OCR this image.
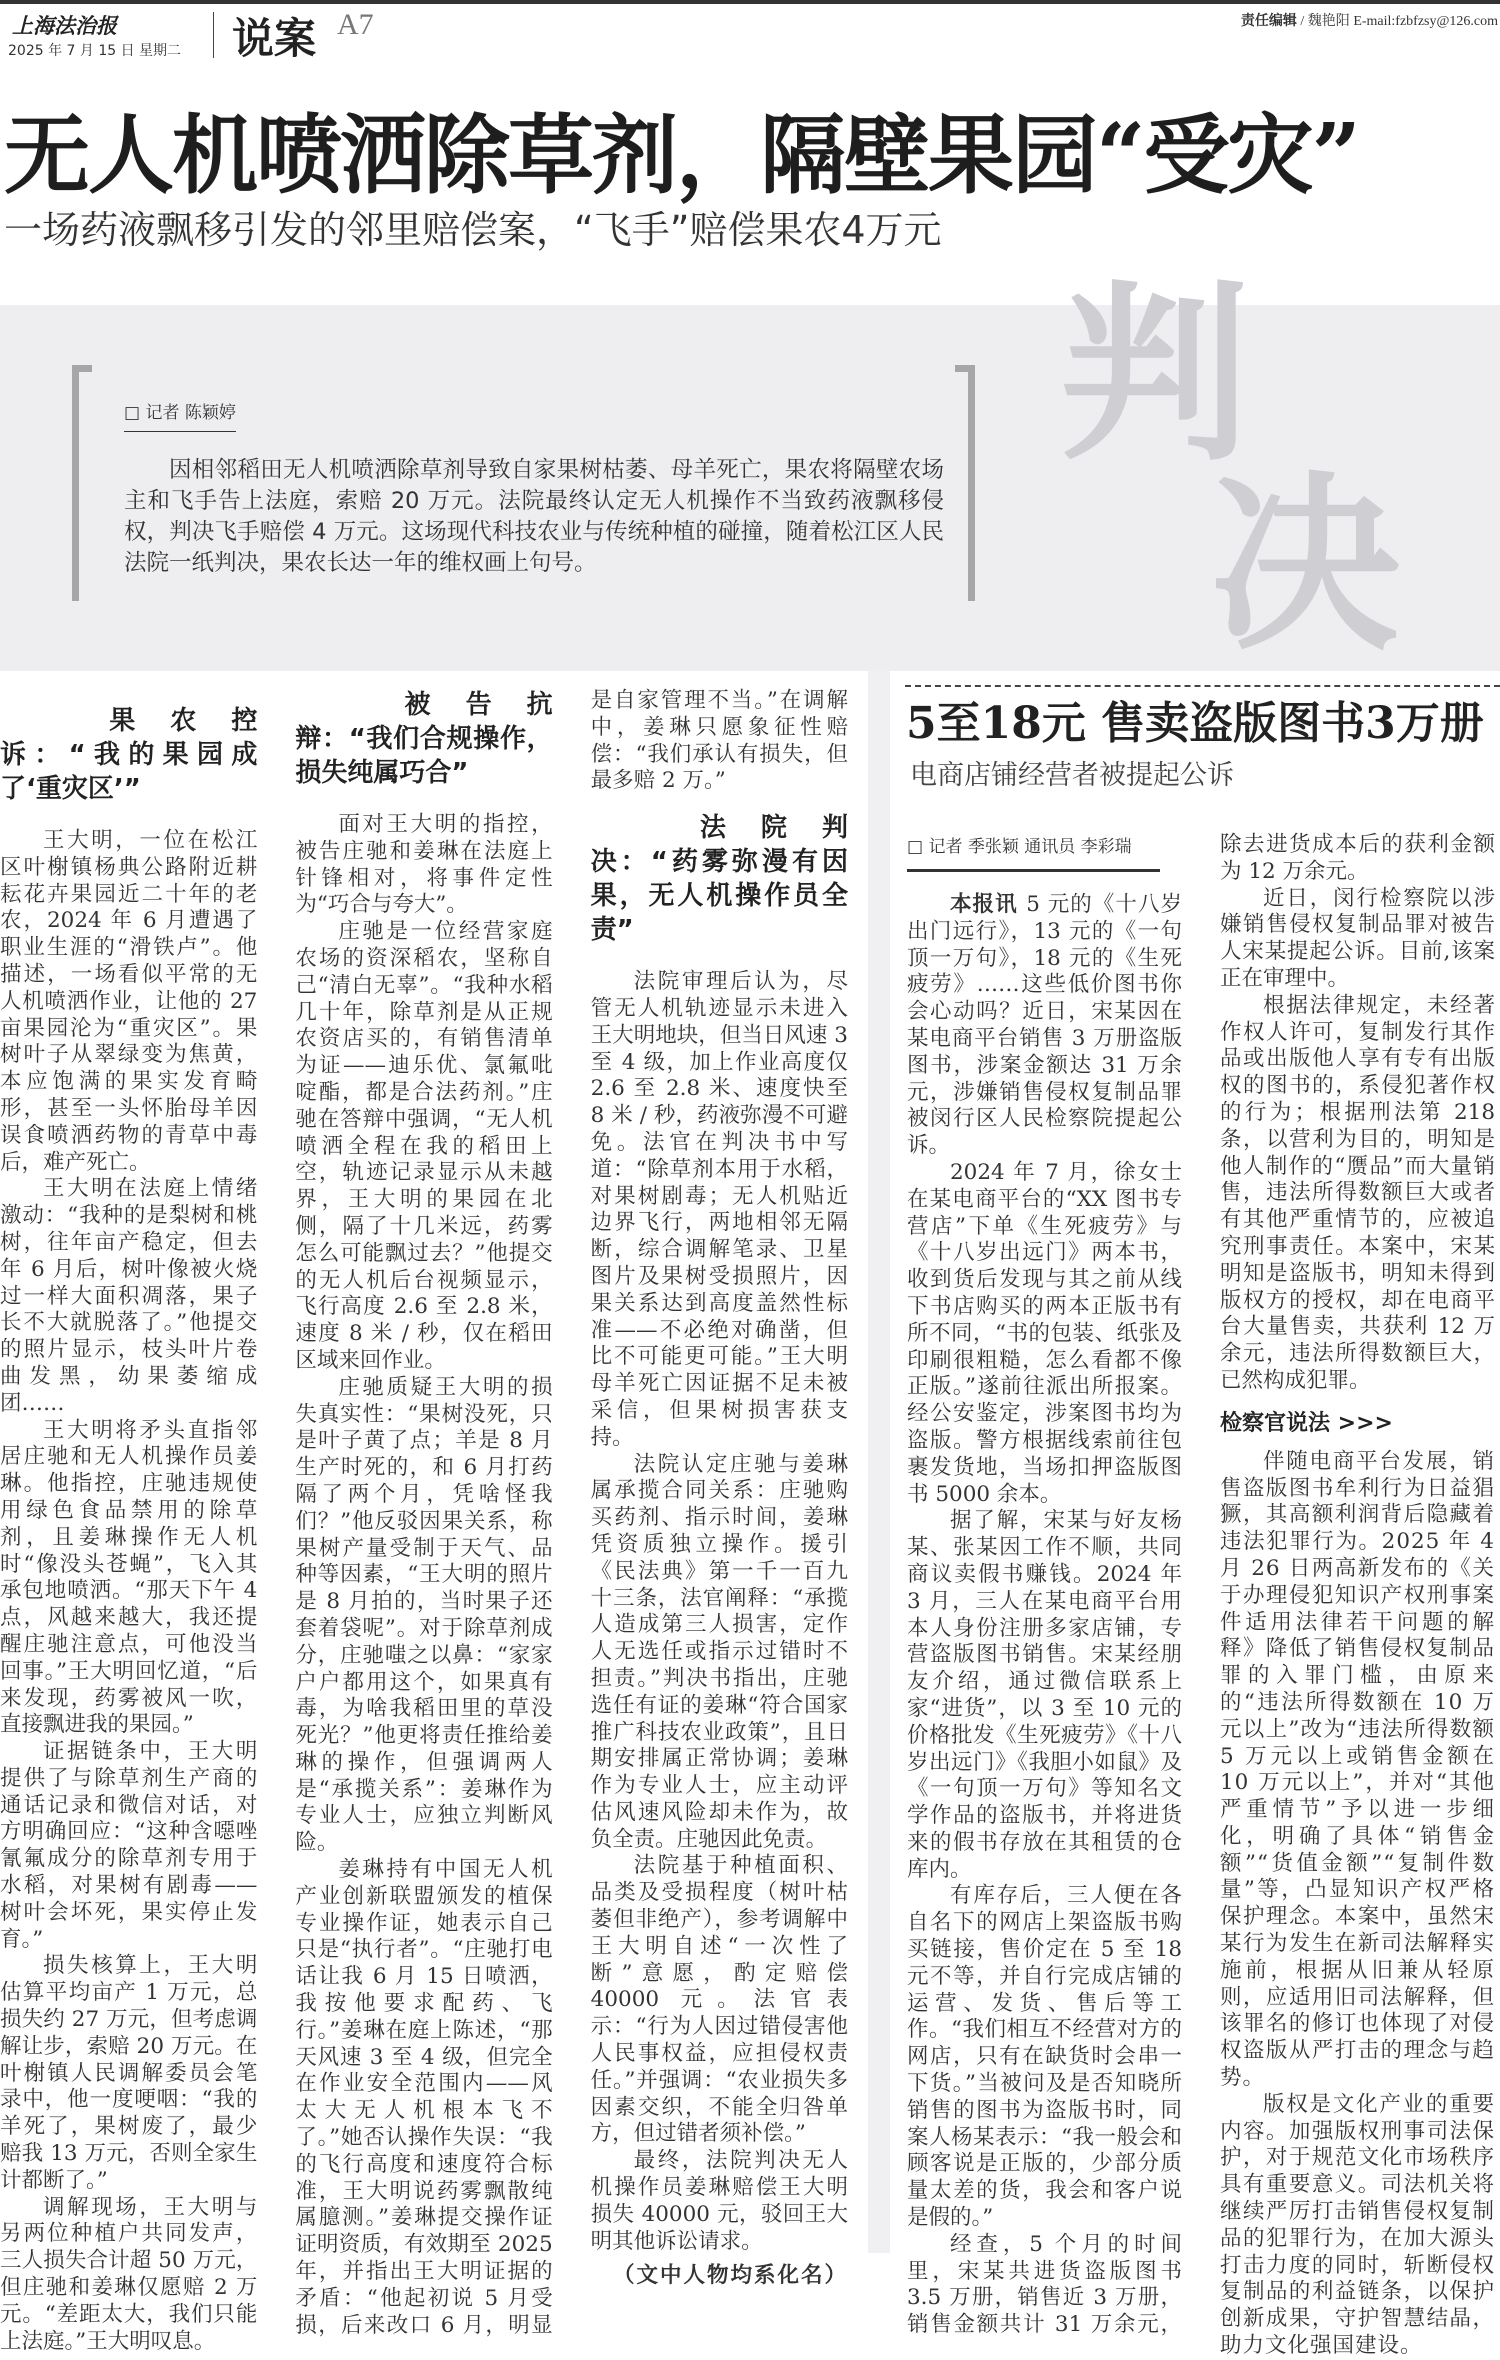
上海法治报
2025 年 7 月 15 日 星期二 说案 A7	责任编辑 / 魏艳阳 E-mail:fzbfzsy@126.com
无人机喷洒除草剂，隔壁果园“受灾”
一场药液飘移引发的邻里赔偿案，“飞手”赔偿果农4万元
判
决
□ 记者 陈颖婷

因相邻稻田无人机喷洒除草剂导致自家果树枯萎、母羊死亡，果农将隔壁农场主和飞手告上法庭，索赔 20 万元。法院最终认定无人机操作不当致药液飘移侵权，判决飞手赔偿 4 万元。这场现代科技农业与传统种植的碰撞，随着松江区人民法院一纸判决，果农长达一年的维权画上句号。

果农控诉：“我的果园成了‘重灾区’”

王大明，一位在松江区叶榭镇杨典公路附近耕耘花卉果园近二十年的老农，2024 年 6 月遭遇了职业生涯的“滑铁卢”。他描述，一场看似平常的无人机喷洒作业，让他的 27 亩果园沦为“重灾区”。果树叶子从翠绿变为焦黄，本应饱满的果实发育畸形，甚至一头怀胎母羊因误食喷洒药物的青草中毒后，难产死亡。

王大明在法庭上情绪激动：“我种的是梨树和桃树，往年亩产稳定，但去年 6 月后，树叶像被火烧过一样大面积凋落，果子长不大就脱落了。”他提交的照片显示，枝头叶片卷曲发黑，幼果萎缩成团……

王大明将矛头直指邻居庄驰和无人机操作员姜琳。他指控，庄驰违规使用绿色食品禁用的除草剂，且姜琳操作无人机时“像没头苍蝇”，飞入其承包地喷洒。“那天下午 4 点，风越来越大，我还提醒庄驰注意点，可他没当回事。”王大明回忆道，“后来发现，药雾被风一吹，直接飘进我的果园。”

证据链条中，王大明提供了与除草剂生产商的通话记录和微信对话，对方明确回应：“这种含噁唑氰氟成分的除草剂专用于水稻，对果树有剧毒——树叶会坏死，果实停止发育。”

损失核算上，王大明估算平均亩产 1 万元，总损失约 27 万元，但考虑调解让步，索赔 20 万元。在叶榭镇人民调解委员会笔录中，他一度哽咽：“我的羊死了，果树废了，最少赔我 13 万元，否则全家生计都断了。”

调解现场，王大明与另两位种植户共同发声，三人损失合计超 50 万元，但庄驰和姜琳仅愿赔 2 万元。“差距太大，我们只能上法庭。”王大明叹息。

被告抗辩：“我们合规操作，损失纯属巧合”

面对王大明的指控，被告庄驰和姜琳在法庭上针锋相对，将事件定性为“巧合与夸大”。

庄驰是一位经营家庭农场的资深稻农，坚称自己“清白无辜”。“我种水稻几十年，除草剂是从正规农资店买的，有销售清单为证——迪乐优、氯氟吡啶酯，都是合法药剂。”庄驰在答辩中强调，“无人机喷洒全程在我的稻田上空，轨迹记录显示从未越界，王大明的果园在北侧，隔了十几米远，药雾怎么可能飘过去？”他提交的无人机后台视频显示，飞行高度 2.6 至 2.8 米，速度 8 米 / 秒，仅在稻田区域来回作业。

庄驰质疑王大明的损失真实性：“果树没死，只是叶子黄了点；羊是 8 月生产时死的，和 6 月打药隔了两个月，凭啥怪我们？”他反驳因果关系，称果树产量受制于天气、品种等因素，“王大明的照片是 8 月拍的，当时果子还套着袋呢”。对于除草剂成分，庄驰嗤之以鼻：“家家户户都用这个，如果真有毒，为啥我稻田里的草没死光？”他更将责任推给姜琳的操作，但强调两人是“承揽关系”：姜琳作为专业人士，应独立判断风险。

姜琳持有中国无人机产业创新联盟颁发的植保专业操作证，她表示自己只是“执行者”。“庄驰打电话让我 6 月 15 日喷洒，我按他要求配药、飞行。”姜琳在庭上陈述，“那天风速 3 至 4 级，但完全在作业安全范围内——风太大无人机根本飞不了。”她否认操作失误：“我的飞行高度和速度符合标准，王大明说药雾飘散纯属臆测。”姜琳提交操作证证明资质，有效期至 2025 年，并指出王大明证据的矛盾：“他起初说 5 月受损，后来改口 6 月，明显是自家管理不当。”在调解中，姜琳只愿象征性赔偿：“我们承认有损失，但最多赔 2 万。”

法院判决：“药雾弥漫有因果，无人机操作员全责”

法院审理后认为，尽管无人机轨迹显示未进入王大明地块，但当日风速 3 至 4 级，加上作业高度仅 2.6 至 2.8 米、速度快至 8 米 / 秒，药液弥漫不可避免。法官在判决书中写道：“除草剂本用于水稻，对果树剧毒；无人机贴近边界飞行，两地相邻无隔断，综合调解笔录、卫星图片及果树受损照片，因果关系达到高度盖然性标准——不必绝对确凿，但比不可能更可能。”王大明母羊死亡因证据不足未被采信，但果树损害获支持。

法院认定庄驰与姜琳属承揽合同关系：庄驰购买药剂、指示时间，姜琳凭资质独立操作。援引《民法典》第一千一百九十三条，法官阐释：“承揽人造成第三人损害，定作人无选任或指示过错时不担责。”判决书指出，庄驰选任有证的姜琳“符合国家推广科技农业政策”，且日期安排属正常协调；姜琳作为专业人士，应主动评估风速风险却未作为，故负全责。庄驰因此免责。

法院基于种植面积、品类及受损程度（树叶枯萎但非绝产），参考调解中王大明自述“一次性了断”意愿，酌定赔偿 40000 元。法官表示：“行为人因过错侵害他人民事权益，应担侵权责任。”并强调：“农业损失多因素交织，不能全归咎单方，但过错者须补偿。”

最终，法院判决无人机操作员姜琳赔偿王大明损失 40000 元，驳回王大明其他诉讼请求。

（文中人物均系化名）

5至18元 售卖盗版图书3万册
电商店铺经营者被提起公诉
□ 记者 季张颖 通讯员 李彩瑞

本报讯 5 元的《十八岁出门远行》，13 元的《一句顶一万句》，18 元的《生死疲劳》……这些低价图书你会心动吗？近日，宋某因在某电商平台销售 3 万册盗版图书，涉案金额达 31 万余元，涉嫌销售侵权复制品罪被闵行区人民检察院提起公诉。

2024 年 7 月，徐女士在某电商平台的“XX 图书专营店”下单《生死疲劳》与《十八岁出远门》两本书，收到货后发现与其之前从线下书店购买的两本正版书有所不同，“书的包装、纸张及印刷很粗糙，怎么看都不像正版。”遂前往派出所报案。经公安鉴定，涉案图书均为盗版。警方根据线索前往包裹发货地，当场扣押盗版图书 5000 余本。

据了解，宋某与好友杨某、张某因工作不顺，共同商议卖假书赚钱。2024 年 3 月，三人在某电商平台用本人身份注册多家店铺，专营盗版图书销售。宋某经朋友介绍，通过微信联系上家“进货”，以 3 至 10 元的价格批发《生死疲劳》《十八岁出远门》《我胆小如鼠》及《一句顶一万句》等知名文学作品的盗版书，并将进货来的假书存放在其租赁的仓库内。

有库存后，三人便在各自名下的网店上架盗版书购买链接，售价定在 5 至 18 元不等，并自行完成店铺的运营、发货、售后等工作。“我们相互不经营对方的网店，只有在缺货时会串一下货。”当被问及是否知晓所销售的图书为盗版书时，同案人杨某表示：“我一般会和顾客说是正版的，少部分质量太差的货，我会和客户说是假的。”

经查，5 个月的时间里，宋某共进货盗版图书 3.5 万册，销售近 3 万册，销售金额共计 31 万余元，除去进货成本后的获利金额为 12 万余元。

近日，闵行检察院以涉嫌销售侵权复制品罪对被告人宋某提起公诉。目前,该案正在审理中。

根据法律规定，未经著作权人许可，复制发行其作品或出版他人享有专有出版权的图书的，系侵犯著作权的行为；根据刑法第 218 条，以营利为目的，明知是他人制作的“赝品”而大量销售，违法所得数额巨大或者有其他严重情节的，应被追究刑事责任。本案中，宋某明知是盗版书，明知未得到版权方的授权，却在电商平台大量售卖，共获利 12 万余元，违法所得数额巨大，已然构成犯罪。

检察官说法 >>>

伴随电商平台发展，销售盗版图书牟利行为日益猖獗，其高额利润背后隐藏着违法犯罪行为。2025 年 4 月 26 日两高新发布的《关于办理侵犯知识产权刑事案件适用法律若干问题的解释》降低了销售侵权复制品罪的入罪门槛，由原来的“违法所得数额在 10 万元以上”改为“违法所得数额 5 万元以上或销售金额在 10 万元以上”，并对“其他严重情节”予以进一步细化，明确了具体“销售金额”“货值金额”“复制件数量”等，凸显知识产权严格保护理念。本案中，虽然宋某行为发生在新司法解释实施前，根据从旧兼从轻原则，应适用旧司法解释，但该罪名的修订也体现了对侵权盗版从严打击的理念与趋势。

版权是文化产业的重要内容。加强版权刑事司法保护，对于规范文化市场秩序具有重要意义。司法机关将继续严厉打击销售侵权复制品的犯罪行为，在加大源头打击力度的同时，斩断侵权复制品的利益链条，以保护创新成果，守护智慧结晶，助力文化强国建设。
